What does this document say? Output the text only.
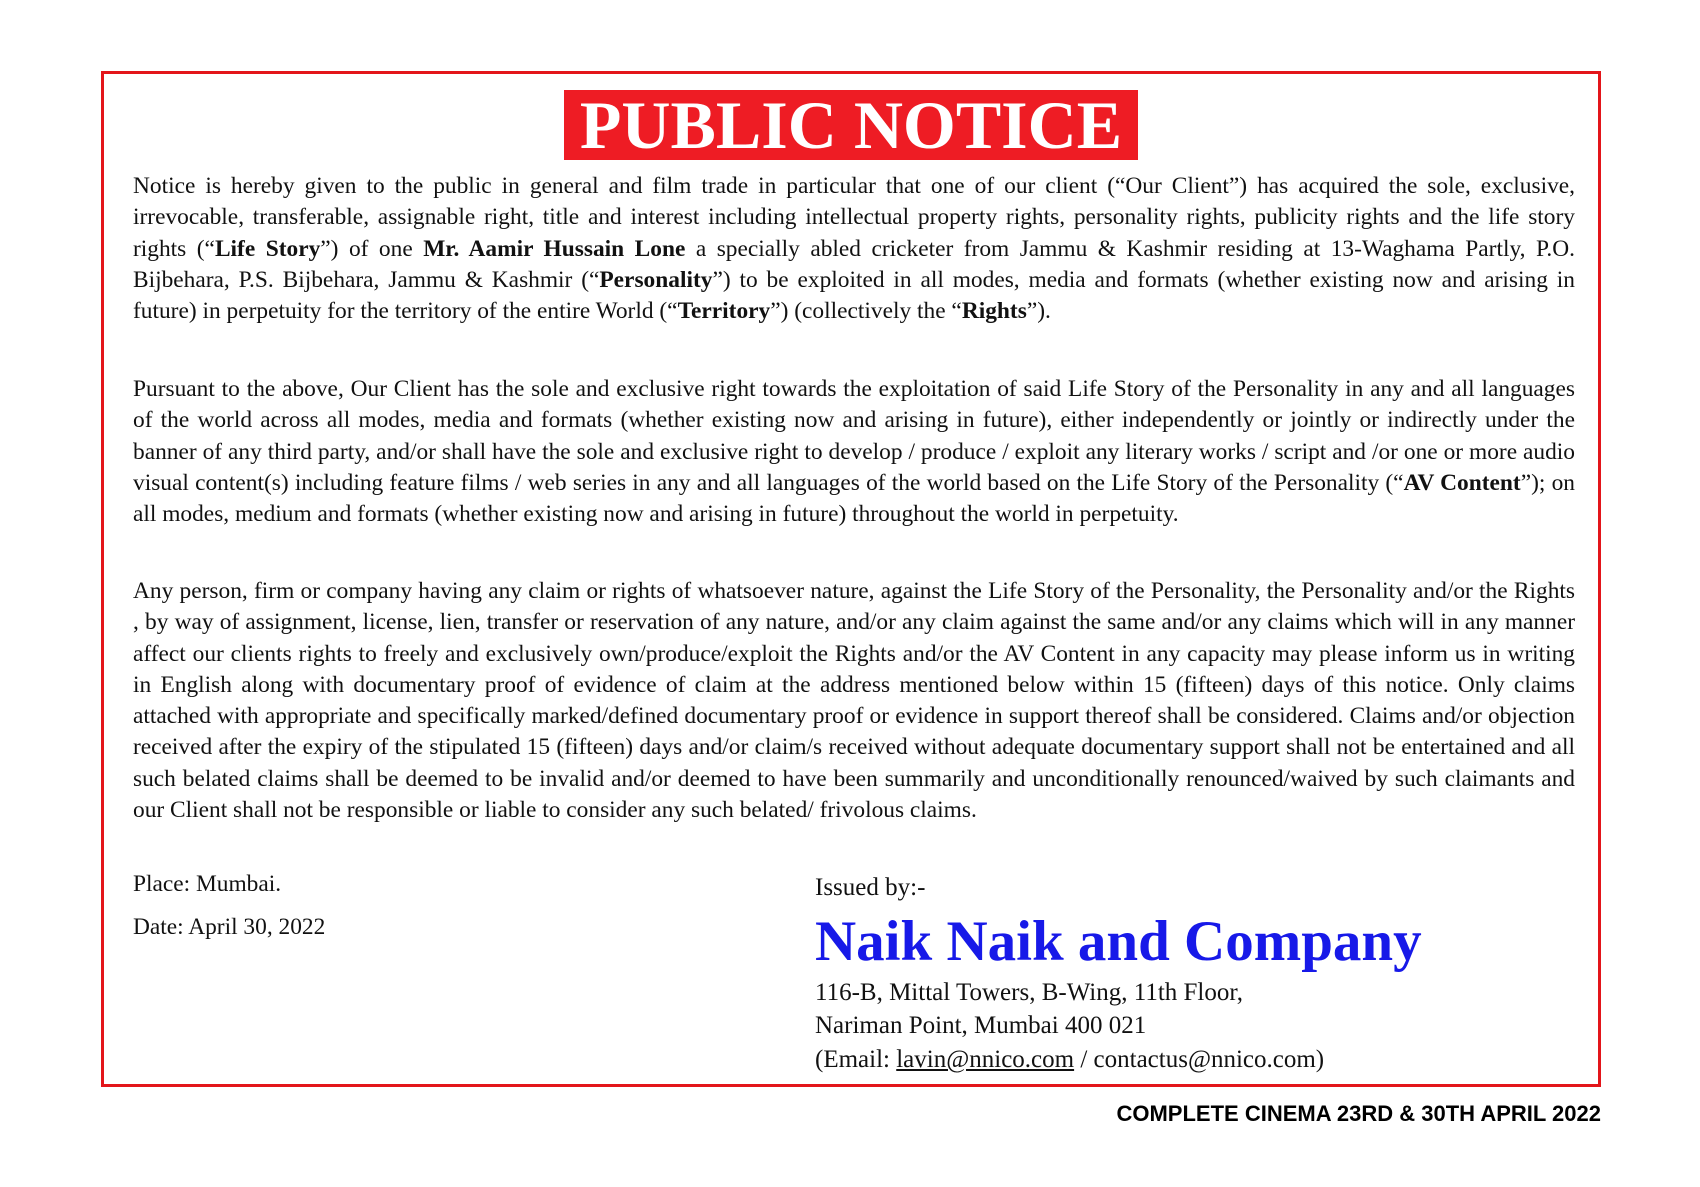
PUBLIC NOTICE

Notice is hereby given to the public in general and film trade in particular that one of our client (“Our Client”) has acquired the sole, exclusive, irrevocable, transferable, assignable right, title and interest including intellectual property rights, personality rights, publicity rights and the life story rights (“Life Story”) of one Mr. Aamir Hussain Lone a specially abled cricketer from Jammu & Kashmir residing at 13-Waghama Partly, P.O. Bijbehara, P.S. Bijbehara, Jammu & Kashmir (“Personality”) to be exploited in all modes, media and formats (whether existing now and arising in future) in perpetuity for the territory of the entire World (“Territory”) (collectively the “Rights”).

Pursuant to the above, Our Client has the sole and exclusive right towards the exploitation of said Life Story of the Personality in any and all languages of the world across all modes, media and formats (whether existing now and arising in future), either independently or jointly or indirectly under the banner of any third party, and/or shall have the sole and exclusive right to develop / produce / exploit any literary works / script and /or one or more audio visual content(s) including feature films / web series in any and all languages of the world based on the Life Story of the Personality (“AV Content”); on all modes, medium and formats (whether existing now and arising in future) throughout the world in perpetuity.

Any person, firm or company having any claim or rights of whatsoever nature, against the Life Story of the Personality, the Personality and/or the Rights , by way of assignment, license, lien, transfer or reservation of any nature, and/or any claim against the same and/or any claims which will in any manner affect our clients rights to freely and exclusively own/produce/exploit the Rights and/or the AV Content in any capacity may please inform us in writing in English along with documentary proof of evidence of claim at the address mentioned below within 15 (fifteen) days of this notice. Only claims attached with appropriate and specifically marked/defined documentary proof or evidence in support thereof shall be considered. Claims and/or objection received after the expiry of the stipulated 15 (fifteen) days and/or claim/s received without adequate documentary support shall not be entertained and all such belated claims shall be deemed to be invalid and/or deemed to have been summarily and unconditionally renounced/waived by such claimants and our Client shall not be responsible or liable to consider any such belated/ frivolous claims.

Place: Mumbai.

Date: April 30, 2022

Issued by:-

Naik Naik and Company

116-B, Mittal Towers, B-Wing, 11th Floor,

Nariman Point, Mumbai 400 021

(Email: lavin@nnico.com / contactus@nnico.com)

COMPLETE CINEMA 23RD & 30TH APRIL 2022
